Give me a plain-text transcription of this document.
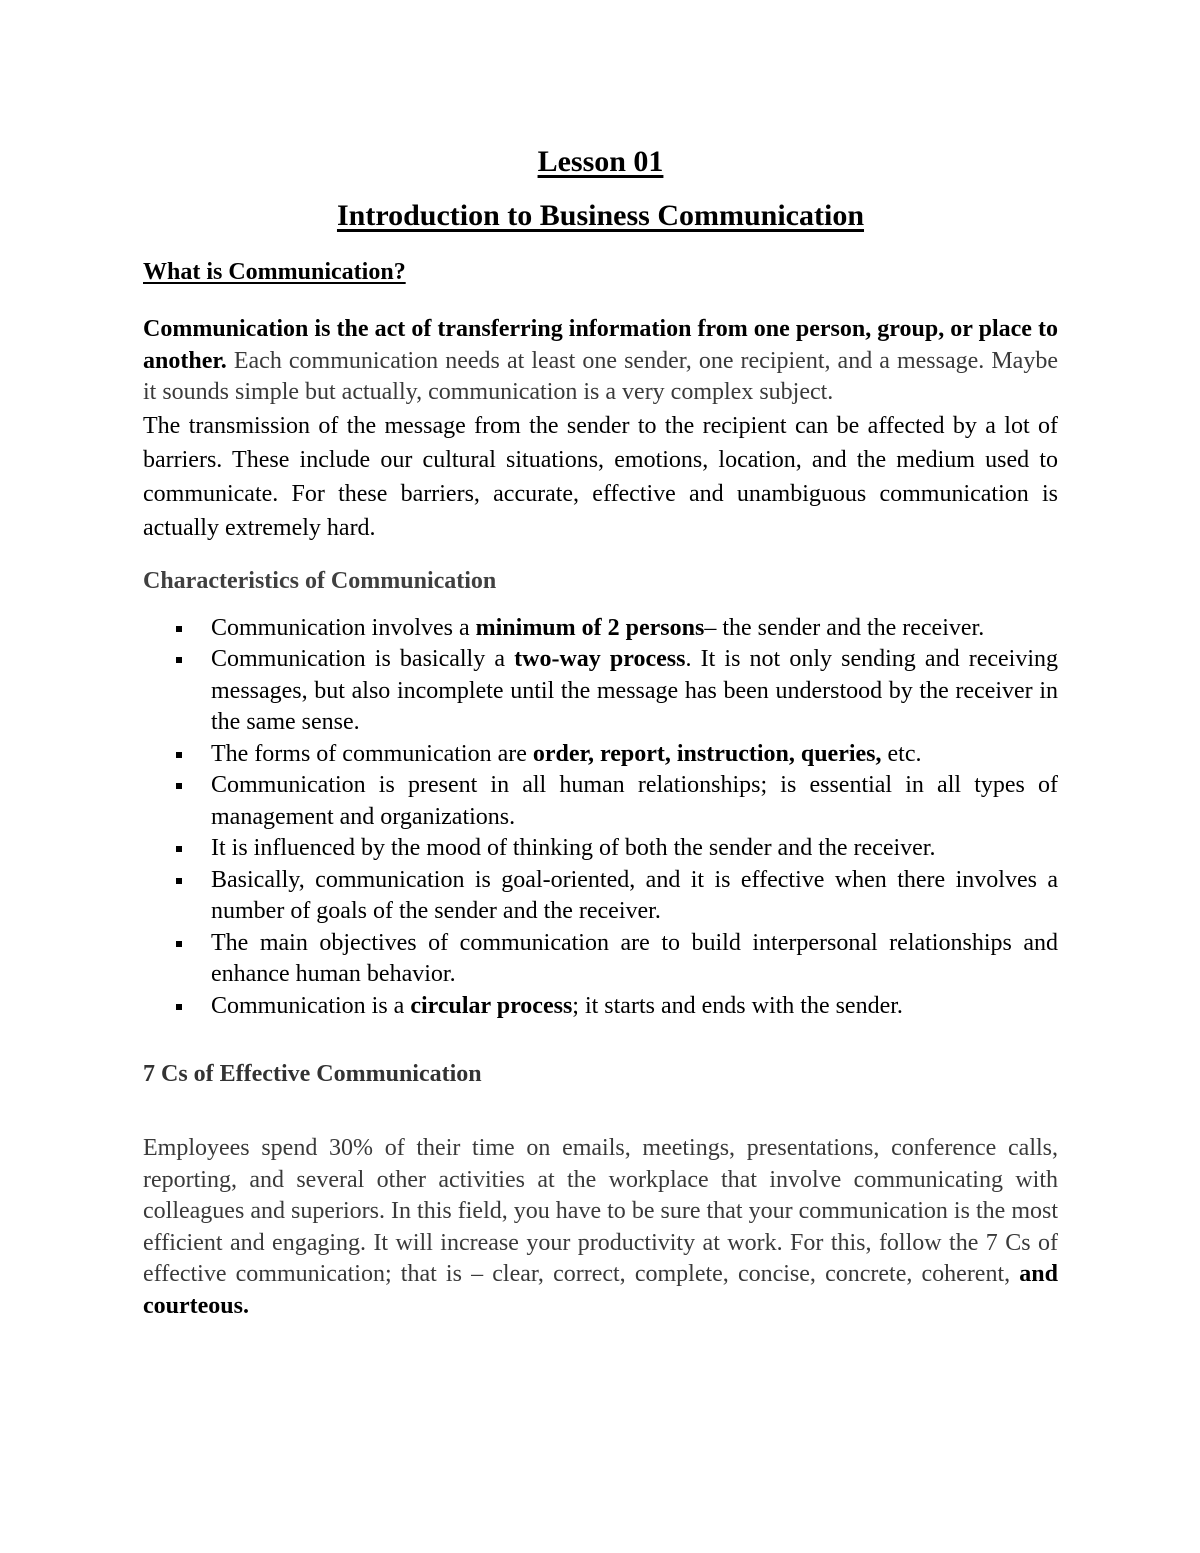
Lesson 01
Introduction to Business Communication
What is Communication?

Communication is the act of transferring information from one person, group, or place to another. Each communication needs at least one sender, one recipient, and a message. Maybe it sounds simple but actually, communication is a very complex subject.

The transmission of the message from the sender to the recipient can be affected by a lot of barriers. These include our cultural situations, emotions, location, and the medium used to communicate. For these barriers, accurate, effective and unambiguous communication is actually extremely hard.

Characteristics of Communication
Communication involves a minimum of 2 persons– the sender and the receiver.
Communication is basically a two-way process. It is not only sending and receiving messages, but also incomplete until the message has been understood by the receiver in the same sense.
The forms of communication are order, report, instruction, queries, etc.
Communication is present in all human relationships; is essential in all types of management and organizations.
It is influenced by the mood of thinking of both the sender and the receiver.
Basically, communication is goal-oriented, and it is effective when there involves a number of goals of the sender and the receiver.
The main objectives of communication are to build interpersonal relationships and enhance human behavior.
Communication is a circular process; it starts and ends with the sender.
7 Cs of Effective Communication

Employees spend 30% of their time on emails, meetings, presentations, conference calls, reporting, and several other activities at the workplace that involve communicating with colleagues and superiors. In this field, you have to be sure that your communication is the most efficient and engaging. It will increase your productivity at work. For this, follow the 7 Cs of effective communication; that is – clear, correct, complete, concise, concrete, coherent, and courteous.
